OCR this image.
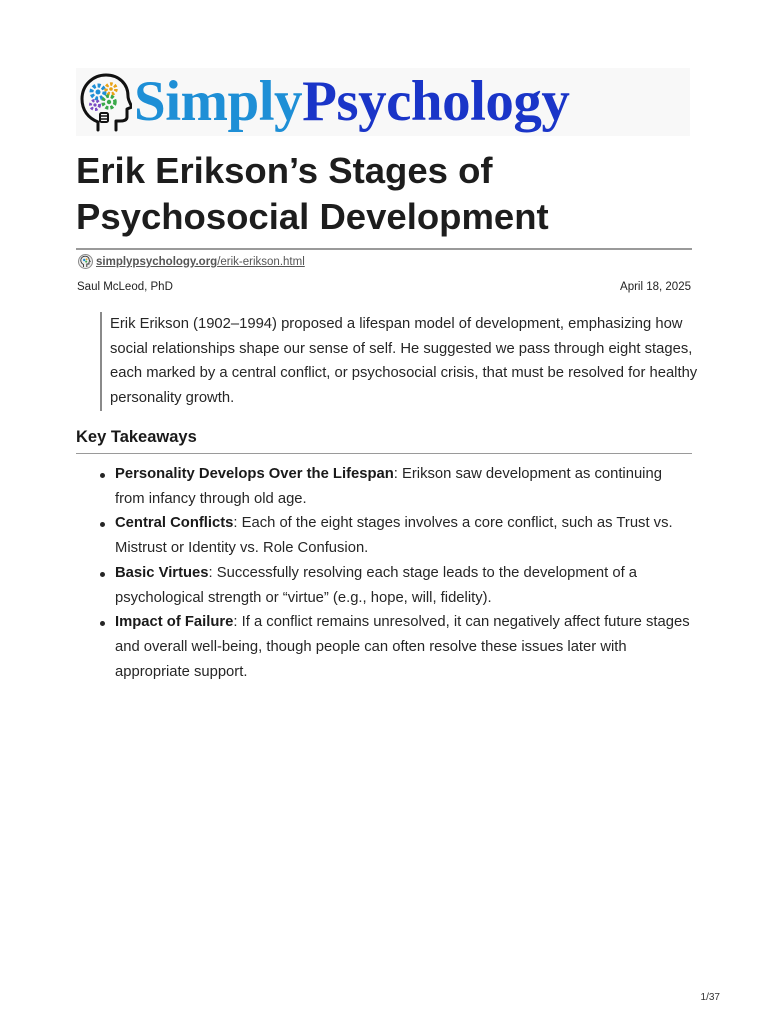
SimplyPsychology

Erik Erikson’s Stages of
Psychosocial Development
simplypsychology.org/erik-erikson.html
Saul McLeod, PhD	April 18, 2025

Erik Erikson (1902–1994) proposed a lifespan model of development, emphasizing how social relationships shape our sense of self. He suggested we pass through eight stages, each marked by a central conflict, or psychosocial crisis, that must be resolved for healthy personality growth.

Key Takeaways
Personality Develops Over the Lifespan: Erikson saw development as continuing from infancy through old age.
Central Conflicts: Each of the eight stages involves a core conflict, such as Trust vs. Mistrust or Identity vs. Role Confusion.
Basic Virtues: Successfully resolving each stage leads to the development of a psychological strength or “virtue” (e.g., hope, will, fidelity).
Impact of Failure: If a conflict remains unresolved, it can negatively affect future stages and overall well-being, though people can often resolve these issues later with appropriate support.
1/37
